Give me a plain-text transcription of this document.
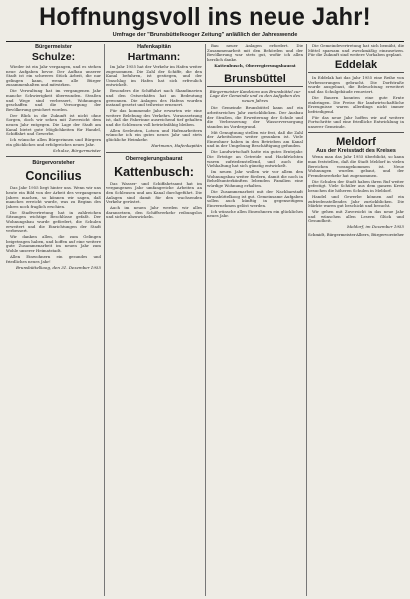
Hoffnungsvoll ins neue Jahr!
Umfrage der "Brunsbüttelkooger Zeitung" anläßlich der Jahreswende
Bürgermeister
Schulze:

Wieder ist ein Jahr vergangen, und es stehen neue Aufgaben bevor. Der Aufbau unserer Stadt ist ein schweres Stück Arbeit, die nur gelingen kann, wenn alle Bürger zusammenhalten und mitwirken.

Die Verwaltung hat im vergangenen Jahr manche Schwierigkeit überwunden. Straßen und Wege sind verbessert, Wohnungen geschaffen und die Versorgung der Bevölkerung gesichert worden.

Der Blick in die Zukunft ist nicht ohne Sorgen, doch wir sehen mit Zuversicht dem neuen Jahr entgegen. Die Lage der Stadt am Kanal bietet gute Möglichkeiten für Handel, Schiffahrt und Gewerbe.

Ich wünsche allen Bürgerinnen und Bürgern ein glückliches und erfolgreiches neues Jahr.

Schulze, Bürgermeister
Bürgervorsteher
Concilius

Das Jahr 1955 liegt hinter uns. Wenn wir uns heute ein Bild von der Arbeit des vergangenen Jahres machen, so können wir sagen, daß manches erreicht wurde, was zu Beginn des Jahres noch fraglich erschien.

Die Stadtvertretung hat in zahlreichen Sitzungen wichtige Beschlüsse gefaßt. Der Wohnungsbau wurde gefördert, die Schulen erweitert und die Einrichtungen der Stadt verbessert.

Wir danken allen, die zum Gelingen beigetragen haben, und hoffen auf eine weitere gute Zusammenarbeit im neuen Jahr zum Wohle unserer Heimatstadt.

Allen Einwohnern ein gesundes und friedliches neues Jahr!

Brunsbüttelkoog, den 31. Dezember 1955
Hafenkapitän
Hartmann:

Im Jahr 1955 hat der Verkehr im Hafen weiter zugenommen. Die Zahl der Schiffe, die den Kanal befuhren, ist gestiegen, und der Umschlag im Hafen hat sich erfreulich entwickelt.

Besonders die Schiffahrt nach Skandinavien und den Ostseehäfen hat an Bedeutung gewonnen. Die Anlagen des Hafens wurden instand gesetzt und teilweise erneuert.

Für das kommende Jahr erwarten wir eine weitere Belebung des Verkehrs. Voraussetzung ist, daß die Fahrrinne ausreichend tief gehalten und die Schleusen voll betriebsfähig bleiben.

Allen Seeleuten, Lotsen und Hafenarbeitern wünsche ich ein gutes neues Jahr und stets glückliche Heimkehr.

Hartmann, Hafenkapitän
Oberregierungsbaurat
Kattenbusch:

Das Wasser- und Schiffahrtsamt hat im vergangenen Jahr umfangreiche Arbeiten an den Schleusen und am Kanal durchgeführt. Die Anlagen sind damit für den wachsenden Verkehr gerüstet.

Auch im neuen Jahr werden wir alles daransetzen, den Schiffsverkehr reibungslos und sicher abzuwickeln.

Bau neuer Anlagen erfordert. Die Zusammenarbeit mit den Behörden und der Bevölkerung war stets gut, wofür ich allen herzlich danke.

Kattenbusch, Oberregierungsbaurat
Brunsbüttel
Bürgermeister Kandziora aus Brunsbüttel zur Lage der Gemeinde und zu den Aufgaben des neuen Jahres

Die Gemeinde Brunsbüttel kann auf ein arbeitsreiches Jahr zurückblicken. Der Ausbau der Straßen, die Erweiterung der Schule und die Verbesserung der Wasserversorgung standen im Vordergrund.

Mit Genugtuung stellen wir fest, daß die Zahl der Arbeitslosen weiter gesunken ist. Viele Einwohner haben in den Betrieben am Kanal und in der Umgebung Beschäftigung gefunden.

Die Landwirtschaft hatte ein gutes Erntejahr. Die Erträge an Getreide und Hackfrüchten waren zufriedenstellend, und auch die Viehhaltung hat sich günstig entwickelt.

Im neuen Jahr wollen wir vor allem den Wohnungsbau weiter fördern, damit die noch in Behelfsunterkünften lebenden Familien eine würdige Wohnung erhalten.

Die Zusammenarbeit mit der Nachbarstadt Brunsbüttelkoog ist gut. Gemeinsame Aufgaben sollen auch künftig in gegenseitigem Einvernehmen gelöst werden.

Ich wünsche allen Einwohnern ein glückliches neues Jahr.

Die Gemeindevertretung hat sich bemüht, die Mittel sparsam und zweckmäßig einzusetzen. Für die Zukunft sind weitere Vorhaben geplant.

Eddelak

In Eddelak hat das Jahr 1955 eine Reihe von Verbesserungen gebracht. Die Dorfstraße wurde ausgebaut, die Beleuchtung erweitert und das Schulgebäude renoviert.

Die Bauern konnten eine gute Ernte einbringen. Die Preise für landwirtschaftliche Erzeugnisse waren allerdings nicht immer befriedigend.

Für das neue Jahr hoffen wir auf weitere Fortschritte und eine friedliche Entwicklung in unserer Gemeinde.

Meldorf
Aus der Kreisstadt des Kreises

Wenn man das Jahr 1955 überblickt, so kann man feststellen, daß die Stadt Meldorf in vielen Bereichen vorangekommen ist. Neue Wohnungen wurden gebaut, und der Fremdenverkehr hat zugenommen.

Die Schulen der Stadt haben ihren Ruf weiter gefestigt. Viele Schüler aus dem ganzen Kreis besuchen die höheren Schulen in Meldorf.

Handel und Gewerbe können auf ein zufriedenstellendes Jahr zurückblicken. Die Märkte waren gut beschickt und besucht.

Wir gehen mit Zuversicht in das neue Jahr und wünschen allen Lesern Glück und Gesundheit.

Meldorf, im Dezember 1955
Schmidt, Bürgermeister Albers, Bürgervorsteher
